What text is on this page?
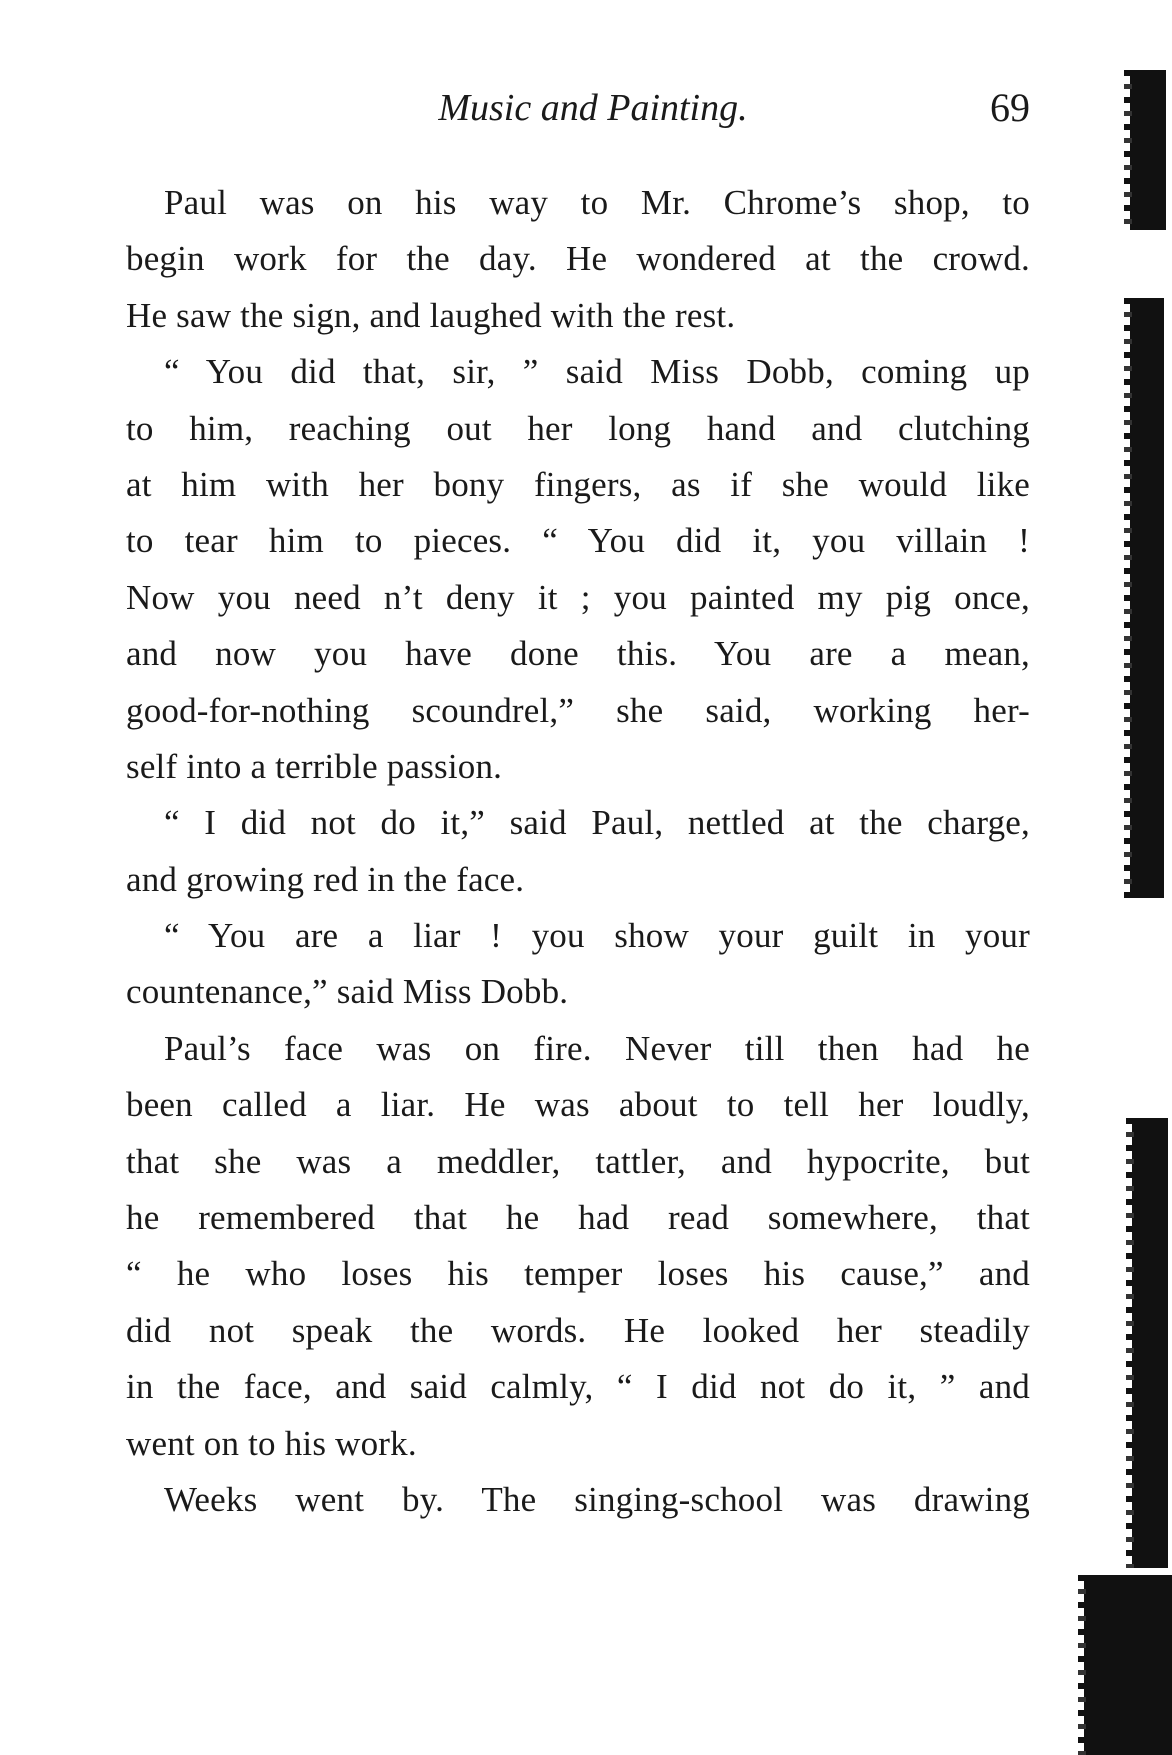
Music and Painting.	69
Paul was on his way to Mr. Chrome’s shop, to
begin work for the day. He wondered at the crowd.
He saw the sign, and laughed with the rest.
“ You did that, sir, ” said Miss Dobb, coming up
to him, reaching out her long hand and clutching
at him with her bony fingers, as if she would like
to tear him to pieces. “ You did it, you villain !
Now you need n’t deny it ; you painted my pig once,
and now you have done this. You are a mean,
good-for-nothing scoundrel,” she said, working her-
self into a terrible passion.
“ I did not do it,” said Paul, nettled at the charge,
and growing red in the face.
“ You are a liar ! you show your guilt in your
countenance,” said Miss Dobb.
Paul’s face was on fire. Never till then had he
been called a liar. He was about to tell her loudly,
that she was a meddler, tattler, and hypocrite, but
he remembered that he had read somewhere, that
“ he who loses his temper loses his cause,” and
did not speak the words. He looked her steadily
in the face, and said calmly, “ I did not do it, ” and
went on to his work.
Weeks went by. The singing-school was drawing
